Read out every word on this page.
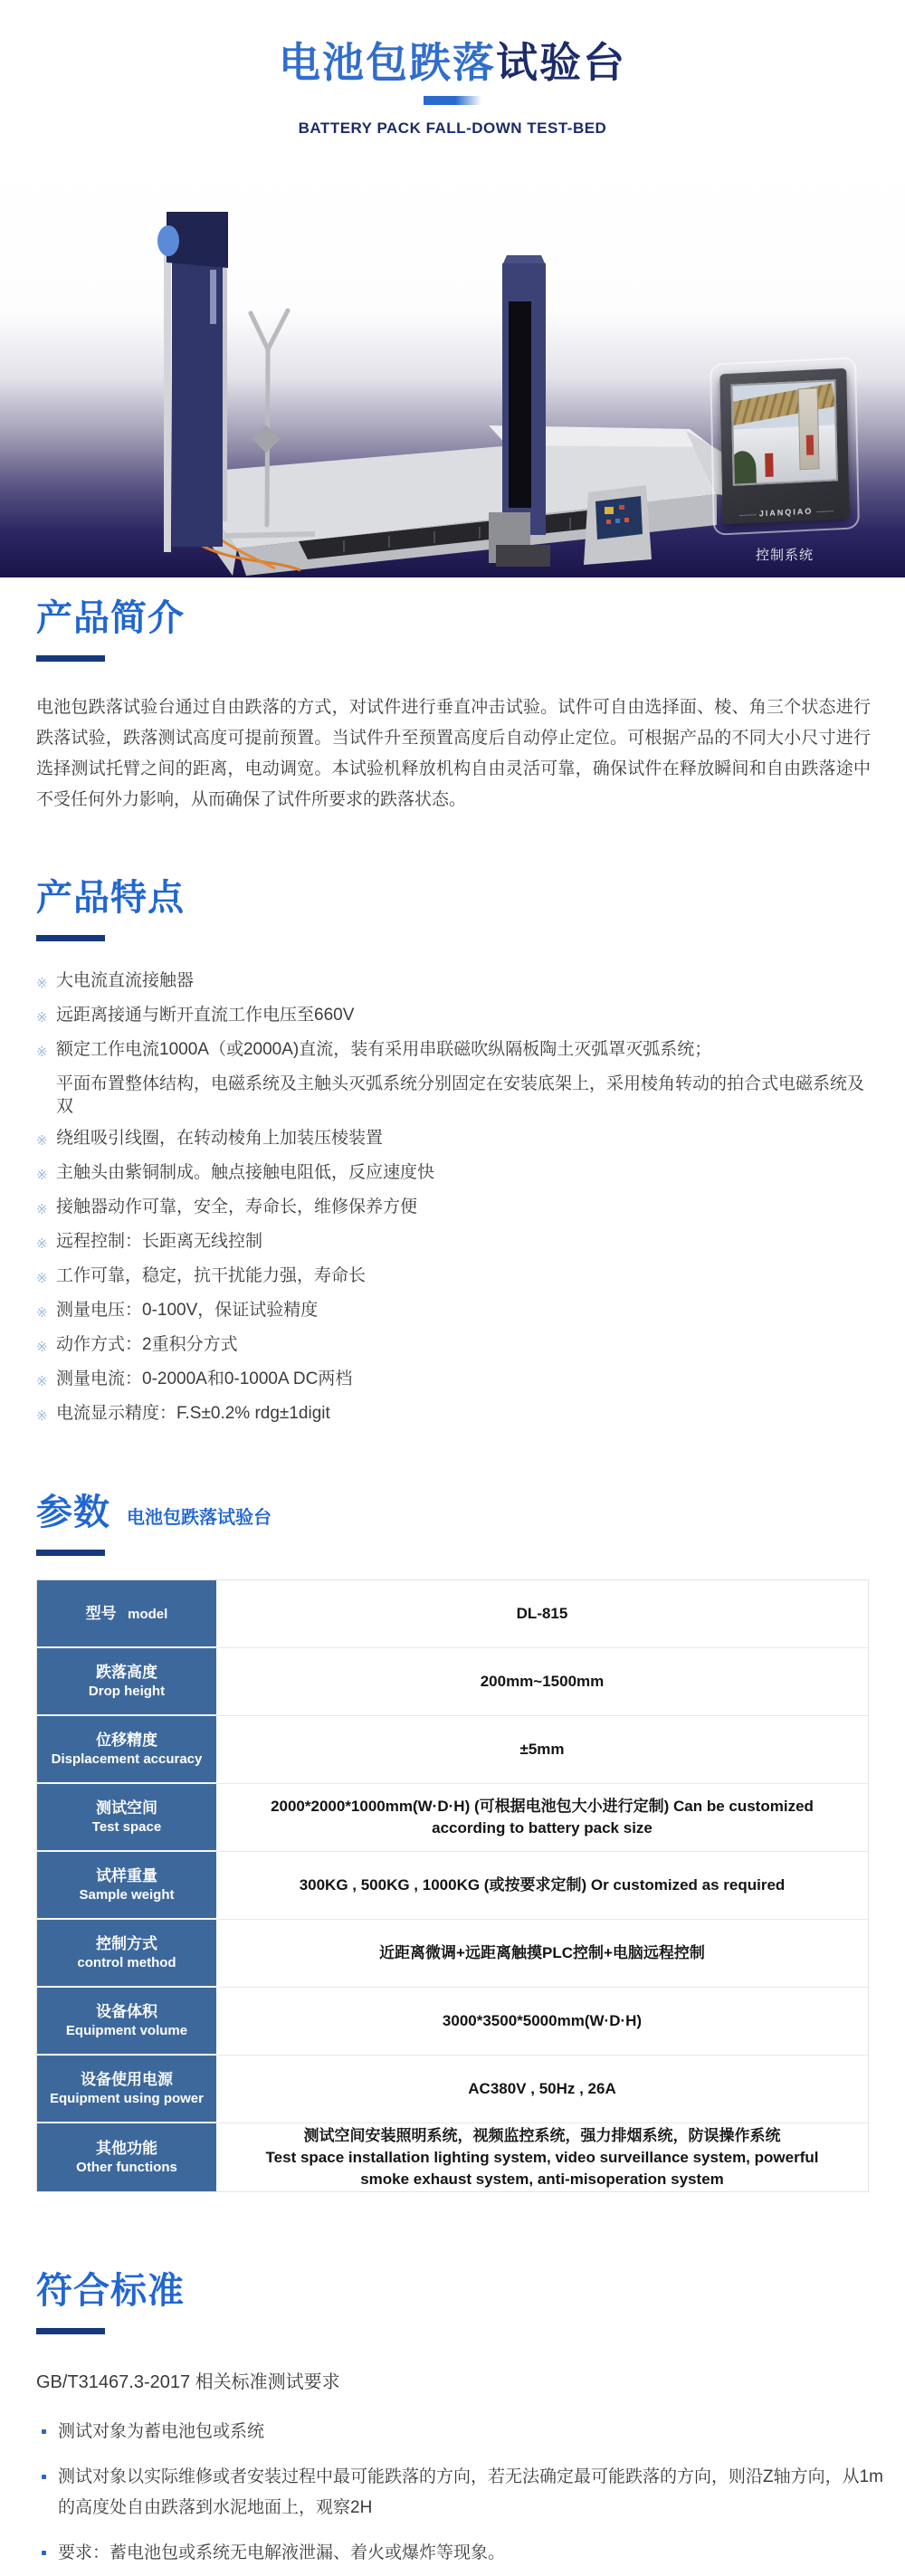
电池包跌落试验台
BATTERY PACK FALL-DOWN TEST-BED
——— JIANQIAO ———
控制系统
产品简介

电池包跌落试验台通过自由跌落的方式，对试件进行垂直冲击试验。试件可自由选择面、棱、角三个状态进行跌落试验，跌落测试高度可提前预置。当试件升至预置高度后自动停止定位。可根据产品的不同大小尺寸进行选择测试托臂之间的距离，电动调宽。本试验机释放机构自由灵活可靠，确保试件在释放瞬间和自由跌落途中不受任何外力影响，从而确保了试件所要求的跌落状态。

产品特点
※ 大电流直流接触器
※ 远距离接通与断开直流工作电压至660V
※ 额定工作电流1000A（或2000A)直流，装有采用串联磁吹纵隔板陶土灭弧罩灭弧系统；
平面布置整体结构，电磁系统及主触头灭弧系统分别固定在安装底架上，采用棱角转动的拍合式电磁系统及双
※ 绕组吸引线圈，在转动棱角上加装压棱装置
※ 主触头由紫铜制成。触点接触电阻低，反应速度快
※ 接触器动作可靠，安全，寿命长，维修保养方便
※ 远程控制：长距离无线控制
※ 工作可靠，稳定，抗干扰能力强，寿命长
※ 测量电压：0-100V，保证试验精度
※ 动作方式：2重积分方式
※ 测量电流：0-2000A和0-1000A DC两档
※ 电流显示精度：F.S±0.2% rdg±1digit
参数 电池包跌落试验台
型号 model	DL-815

跌落高度
Drop height	200mm~1500mm

位移精度
Displacement accuracy	±5mm

测试空间
Test space	2000*2000*1000mm(W·D·H) (可根据电池包大小进行定制) Can be customized according to battery pack size

试样重量
Sample weight	300KG , 500KG , 1000KG (或按要求定制) Or customized as required

控制方式
control method	近距离微调+远距离触摸PLC控制+电脑远程控制

设备体积
Equipment volume	3000*3500*5000mm(W·D·H)

设备使用电源
Equipment using power	AC380V , 50Hz , 26A

其他功能
Other functions

测试空间安装照明系统，视频监控系统，强力排烟系统，防误操作系统
Test space installation lighting system, video surveillance system, powerful smoke exhaust system, anti-misoperation system
符合标准
GB/T31467.3-2017 相关标准测试要求
测试对象为蓄电池包或系统
测试对象以实际维修或者安装过程中最可能跌落的方向，若无法确定最可能跌落的方向，则沿Z轴方向，从1m的高度处自由跌落到水泥地面上，观察2H
要求：蓄电池包或系统无电解液泄漏、着火或爆炸等现象。
